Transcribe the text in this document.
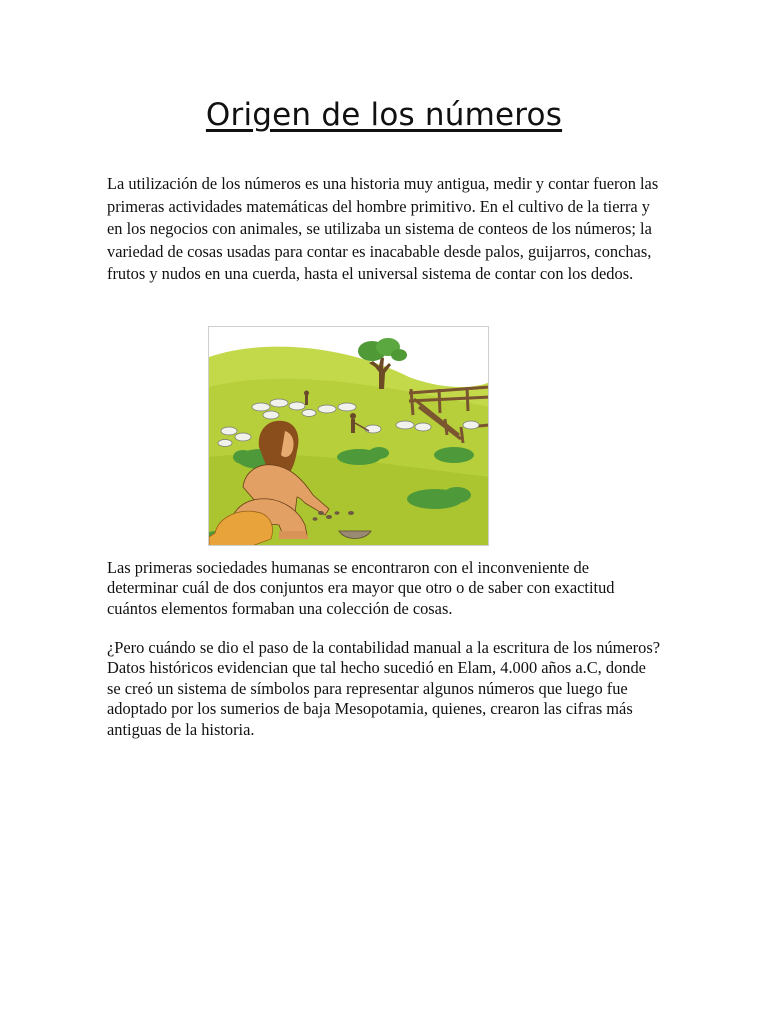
Origen de los números

La utilización de los números es una historia muy antigua, medir y contar fueron las primeras actividades matemáticas del hombre primitivo. En el cultivo de la tierra y en los negocios con animales, se utilizaba un sistema de conteos de los números; la variedad de cosas usadas para contar es inacabable desde palos, guijarros, conchas, frutos y nudos en una cuerda, hasta el universal sistema de contar con los dedos.

Las primeras sociedades humanas se encontraron con el inconveniente de determinar cuál de dos conjuntos era mayor que otro o de saber con exactitud cuántos elementos formaban una colección de cosas.

¿Pero cuándo se dio el paso de la contabilidad manual a la escritura de los números? Datos históricos evidencian que tal hecho sucedió en Elam, 4.000 años a.C, donde se creó un sistema de símbolos para representar algunos números que luego fue adoptado por los sumerios de baja Mesopotamia, quienes, crearon las cifras más antiguas de la historia.
